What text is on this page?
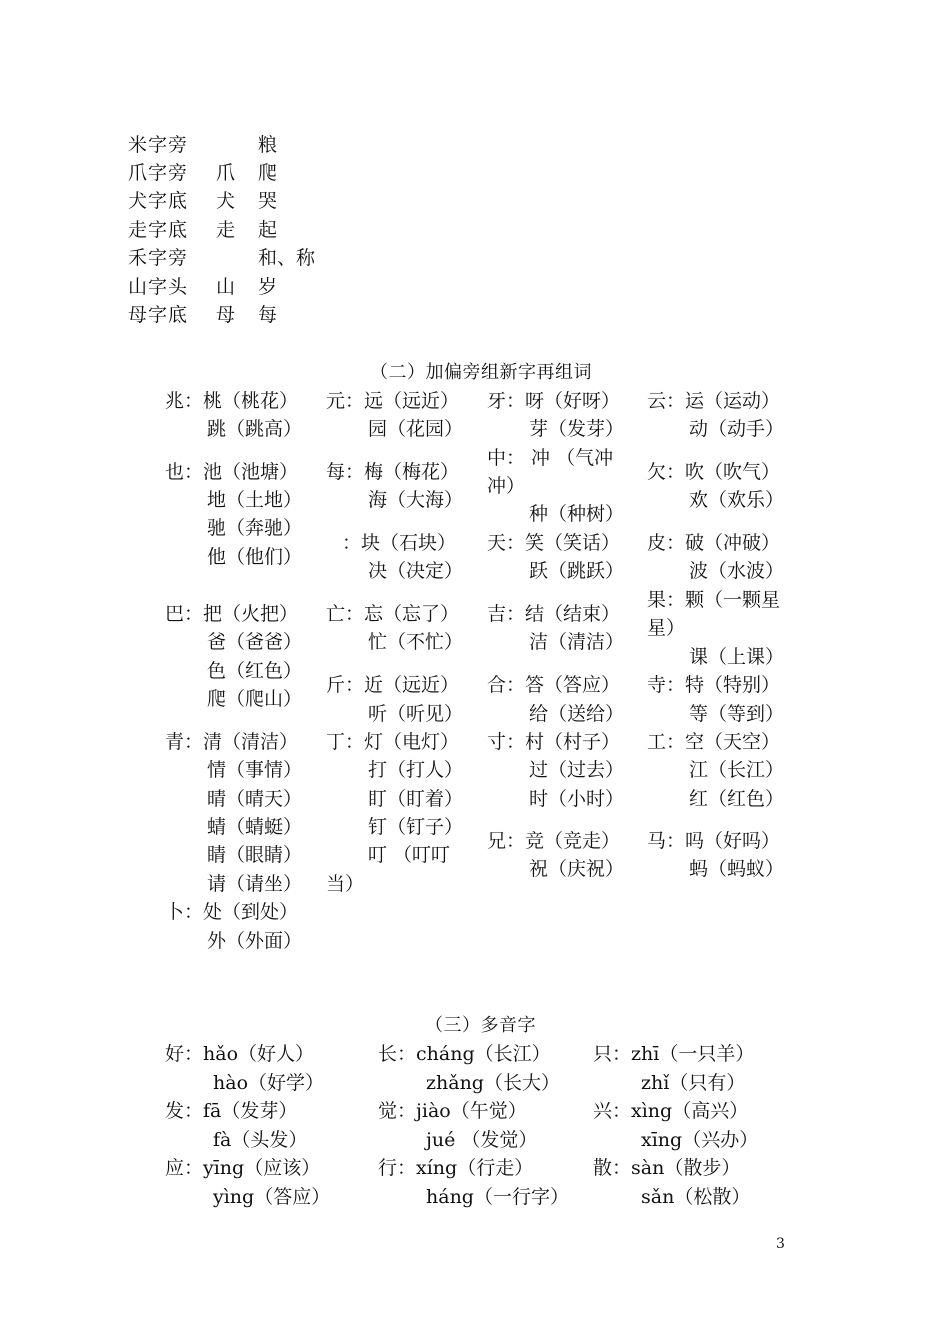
米字旁	粮
爪字旁 爪 爬
犬字底 犬 哭
走字底 走 起
禾字旁	和、称
山字头 山 岁
母字底 母 每
（二）加偏旁组新字再组词
兆：桃（桃花）
跳（跳高）
也：池（池塘）
地（土地）
驰（奔驰）
他（他们）
巴：把（火把）
爸（爸爸）
色（红色）
爬（爬山）
青：清（清洁）
情（事情）
晴（晴天）
蜻（蜻蜓）
睛（眼睛）
请（请坐）
卜：处（到处）
外（外面）
元：远（远近）
园（花园）
每：梅（梅花）
海（大海）
：块（石块）
决（决定）
亡：忘（忘了）
忙（不忙）
斤：近（远近）
听（听见）
丁：灯（电灯）
打（打人）
盯（盯着）
钉（钉子）
叮 （叮叮
当）
牙：呀（好呀）
芽（发芽）
中： 冲 （气冲
冲）
种（种树）
天：笑（笑话）
跃（跳跃）
吉：结（结束）
洁（清洁）
合：答（答应）
给（送给）
寸：村（村子）
过（过去）
时（小时）
兄：竞（竞走）
祝（庆祝）
云：运（运动）
动（动手）
欠：吹（吹气）
欢（欢乐）
皮：破（冲破）
波（水波）
果：颗（一颗星
星）
课（上课）
寺：特（特别）
等（等到）
工：空（天空）
江（长江）
红（红色）
马：吗（好吗）
蚂（蚂蚁）
（三）多音字
好：hǎo（好人）
hào（好学）
发：fā（发芽）
fà（头发）
应：yīng（应该）
yìng（答应）
长：cháng（长江）
zhǎng（长大）
觉：jiào（午觉）
jué （发觉）
行：xíng（行走）
háng（一行字）
只：zhī（一只羊）
zhǐ（只有）
兴：xìng（高兴）
xīng（兴办）
散：sàn（散步）
sǎn（松散）
3
